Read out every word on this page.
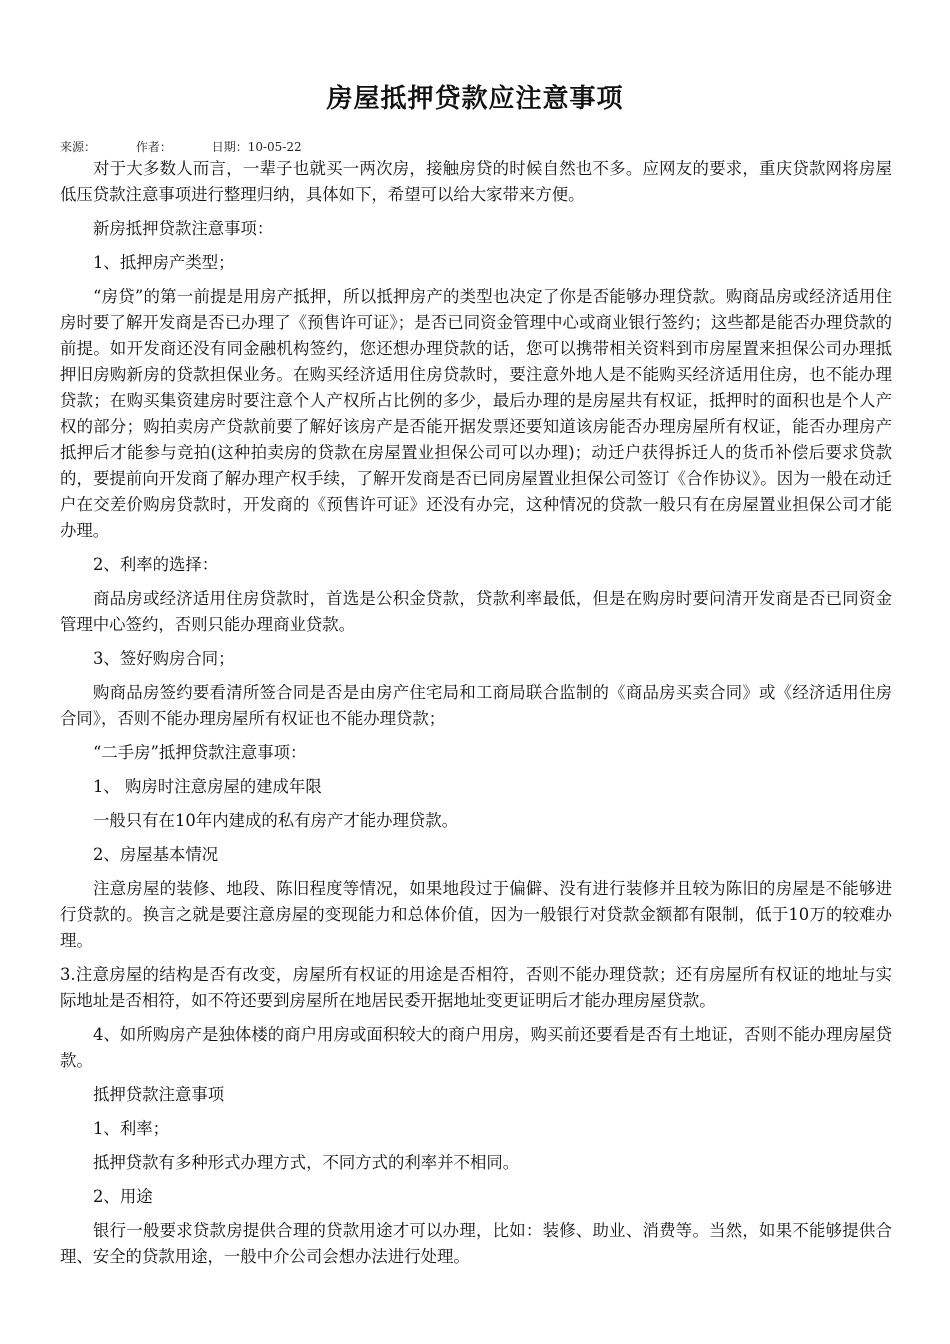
房屋抵押贷款应注意事项
来源：	作者：	日期：10-05-22

对于大多数人而言，一辈子也就买一两次房，接触房贷的时候自然也不多。应网友的要求，重庆贷款网将房屋低压贷款注意事项进行整理归纳，具体如下，希望可以给大家带来方便。

新房抵押贷款注意事项：

1、抵押房产类型；

“房贷”的第一前提是用房产抵押，所以抵押房产的类型也决定了你是否能够办理贷款。购商品房或经济适用住房时要了解开发商是否已办理了《预售许可证》；是否已同资金管理中心或商业银行签约；这些都是能否办理贷款的前提。如开发商还没有同金融机构签约，您还想办理贷款的话，您可以携带相关资料到市房屋置来担保公司办理抵押旧房购新房的贷款担保业务。在购买经济适用住房贷款时，要注意外地人是不能购买经济适用住房，也不能办理贷款；在购买集资建房时要注意个人产权所占比例的多少，最后办理的是房屋共有权证，抵押时的面积也是个人产权的部分；购拍卖房产贷款前要了解好该房产是否能开据发票还要知道该房能否办理房屋所有权证，能否办理房产抵押后才能参与竞拍(这种拍卖房的贷款在房屋置业担保公司可以办理)；动迁户获得拆迁人的货币补偿后要求贷款的，要提前向开发商了解办理产权手续，了解开发商是否已同房屋置业担保公司签订《合作协议》。因为一般在动迁户在交差价购房贷款时，开发商的《预售许可证》还没有办完，这种情况的贷款一般只有在房屋置业担保公司才能办理。

2、利率的选择：

商品房或经济适用住房贷款时，首选是公积金贷款，贷款利率最低，但是在购房时要问清开发商是否已同资金管理中心签约，否则只能办理商业贷款。

3、签好购房合同；

购商品房签约要看清所签合同是否是由房产住宅局和工商局联合监制的《商品房买卖合同》或《经济适用住房合同》，否则不能办理房屋所有权证也不能办理贷款；

“二手房”抵押贷款注意事项：

1、 购房时注意房屋的建成年限

一般只有在10年内建成的私有房产才能办理贷款。

2、房屋基本情况

注意房屋的装修、地段、陈旧程度等情况，如果地段过于偏僻、没有进行装修并且较为陈旧的房屋是不能够进行贷款的。换言之就是要注意房屋的变现能力和总体价值，因为一般银行对贷款金额都有限制，低于10万的较难办理。

3.注意房屋的结构是否有改变，房屋所有权证的用途是否相符，否则不能办理贷款；还有房屋所有权证的地址与实际地址是否相符，如不符还要到房屋所在地居民委开据地址变更证明后才能办理房屋贷款。

4、如所购房产是独体楼的商户用房或面积较大的商户用房，购买前还要看是否有土地证，否则不能办理房屋贷款。

抵押贷款注意事项

1、利率；

抵押贷款有多种形式办理方式，不同方式的利率并不相同。

2、用途

银行一般要求贷款房提供合理的贷款用途才可以办理，比如：装修、助业、消费等。当然，如果不能够提供合理、安全的贷款用途，一般中介公司会想办法进行处理。
